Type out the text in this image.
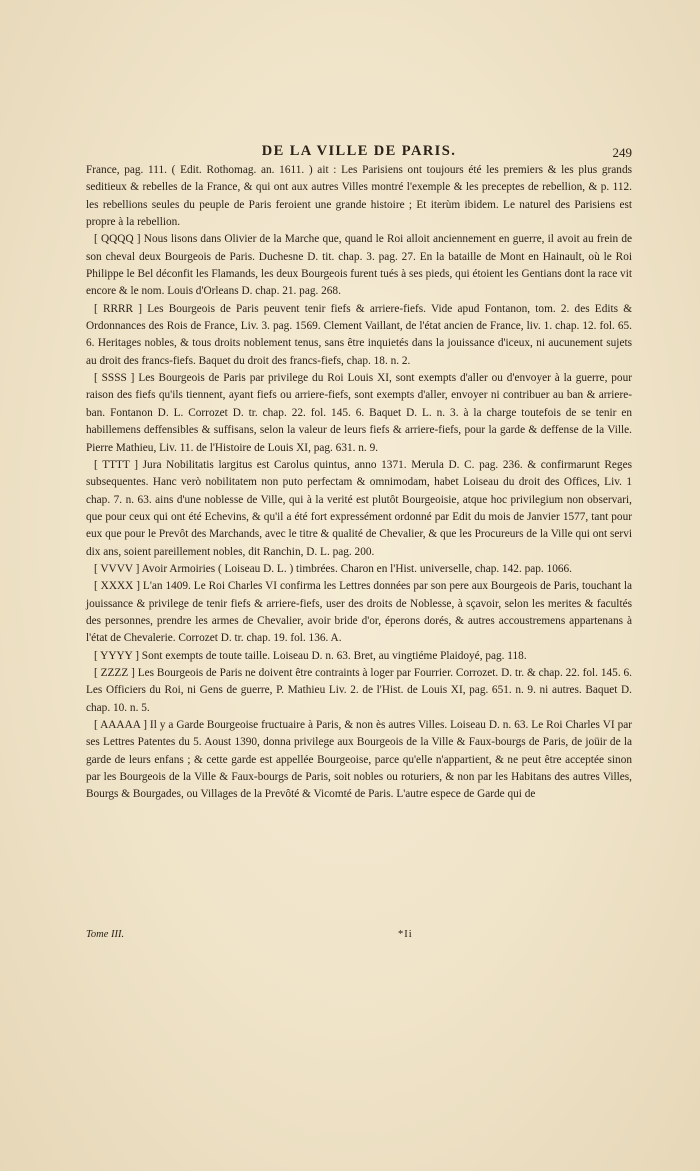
DE LA VILLE DE PARIS.	249

France, pag. 111. ( Edit. Rothomag. an. 1611. ) ait : Les Parisiens ont toujours été les premiers & les plus grands seditieux & rebelles de la France, & qui ont aux autres Villes montré l'exemple & les preceptes de rebellion, & p. 112. les rebellions seules du peuple de Paris feroient une grande histoire ; Et iterùm ibidem. Le naturel des Parisiens est propre à la rebellion.

[ QQQQ ] Nous lisons dans Olivier de la Marche que, quand le Roi alloit anciennement en guerre, il avoit au frein de son cheval deux Bourgeois de Paris. Duchesne D. tit. chap. 3. pag. 27. En la bataille de Mont en Hainault, où le Roi Philippe le Bel déconfit les Flamands, les deux Bourgeois furent tués à ses pieds, qui étoient les Gentians dont la race vit encore & le nom. Louis d'Orleans D. chap. 21. pag. 268.

[ RRRR ] Les Bourgeois de Paris peuvent tenir fiefs & arriere-fiefs. Vide apud Fontanon, tom. 2. des Edits & Ordonnances des Rois de France, Liv. 3. pag. 1569. Clement Vaillant, de l'état ancien de France, liv. 1. chap. 12. fol. 65. 6. Heritages nobles, & tous droits noblement tenus, sans être inquietés dans la jouissance d'iceux, ni aucunement sujets au droit des francs-fiefs. Baquet du droit des francs-fiefs, chap. 18. n. 2.

[ SSSS ] Les Bourgeois de Paris par privilege du Roi Louis XI, sont exempts d'aller ou d'envoyer à la guerre, pour raison des fiefs qu'ils tiennent, ayant fiefs ou arriere-fiefs, sont exempts d'aller, envoyer ni contribuer au ban & arriere-ban. Fontanon D. L. Corrozet D. tr. chap. 22. fol. 145. 6. Baquet D. L. n. 3. à la charge toutefois de se tenir en habillemens deffensibles & suffisans, selon la valeur de leurs fiefs & arriere-fiefs, pour la garde & deffense de la Ville. Pierre Mathieu, Liv. 11. de l'Histoire de Louis XI, pag. 631. n. 9.

[ TTTT ] Jura Nobilitatis largitus est Carolus quintus, anno 1371. Merula D. C. pag. 236. & confirmarunt Reges subsequentes. Hanc verò nobilitatem non puto perfectam & omnimodam, habet Loiseau du droit des Offices, Liv. 1 chap. 7. n. 63. ains d'une noblesse de Ville, qui à la verité est plutôt Bourgeoisie, atque hoc privilegium non observari, que pour ceux qui ont été Echevins, & qu'il a été fort expressément ordonné par Edit du mois de Janvier 1577, tant pour eux que pour le Prevôt des Marchands, avec le titre & qualité de Chevalier, & que les Procureurs de la Ville qui ont servi dix ans, soient pareillement nobles, dit Ranchin, D. L. pag. 200.

[ VVVV ] Avoir Armoiries ( Loiseau D. L. ) timbrées. Charon en l'Hist. universelle, chap. 142. pap. 1066.

[ XXXX ] L'an 1409. Le Roi Charles VI confirma les Lettres données par son pere aux Bourgeois de Paris, touchant la jouissance & privilege de tenir fiefs & arriere-fiefs, user des droits de Noblesse, à sçavoir, selon les merites & facultés des personnes, prendre les armes de Chevalier, avoir bride d'or, éperons dorés, & autres accoustremens appartenans à l'état de Chevalerie. Corrozet D. tr. chap. 19. fol. 136. A.

[ YYYY ] Sont exempts de toute taille. Loiseau D. n. 63. Bret, au vingtiéme Plaidoyé, pag. 118.

[ ZZZZ ] Les Bourgeois de Paris ne doivent être contraints à loger par Fourrier. Corrozet. D. tr. & chap. 22. fol. 145. 6. Les Officiers du Roi, ni Gens de guerre, P. Mathieu Liv. 2. de l'Hist. de Louis XI, pag. 651. n. 9. ni autres. Baquet D. chap. 10. n. 5.

[ AAAAA ] Il y a Garde Bourgeoise fructuaire à Paris, & non ès autres Villes. Loiseau D. n. 63. Le Roi Charles VI par ses Lettres Patentes du 5. Aoust 1390, donna privilege aux Bourgeois de la Ville & Faux-bourgs de Paris, de joüir de la garde de leurs enfans ; & cette garde est appellée Bourgeoise, parce qu'elle n'appartient, & ne peut être acceptée sinon par les Bourgeois de la Ville & Faux-bourgs de Paris, soit nobles ou roturiers, & non par les Habitans des autres Villes, Bourgs & Bourgades, ou Villages de la Prevôté & Vicomté de Paris. L'autre espece de Garde qui de

Tome III.	*Ii
